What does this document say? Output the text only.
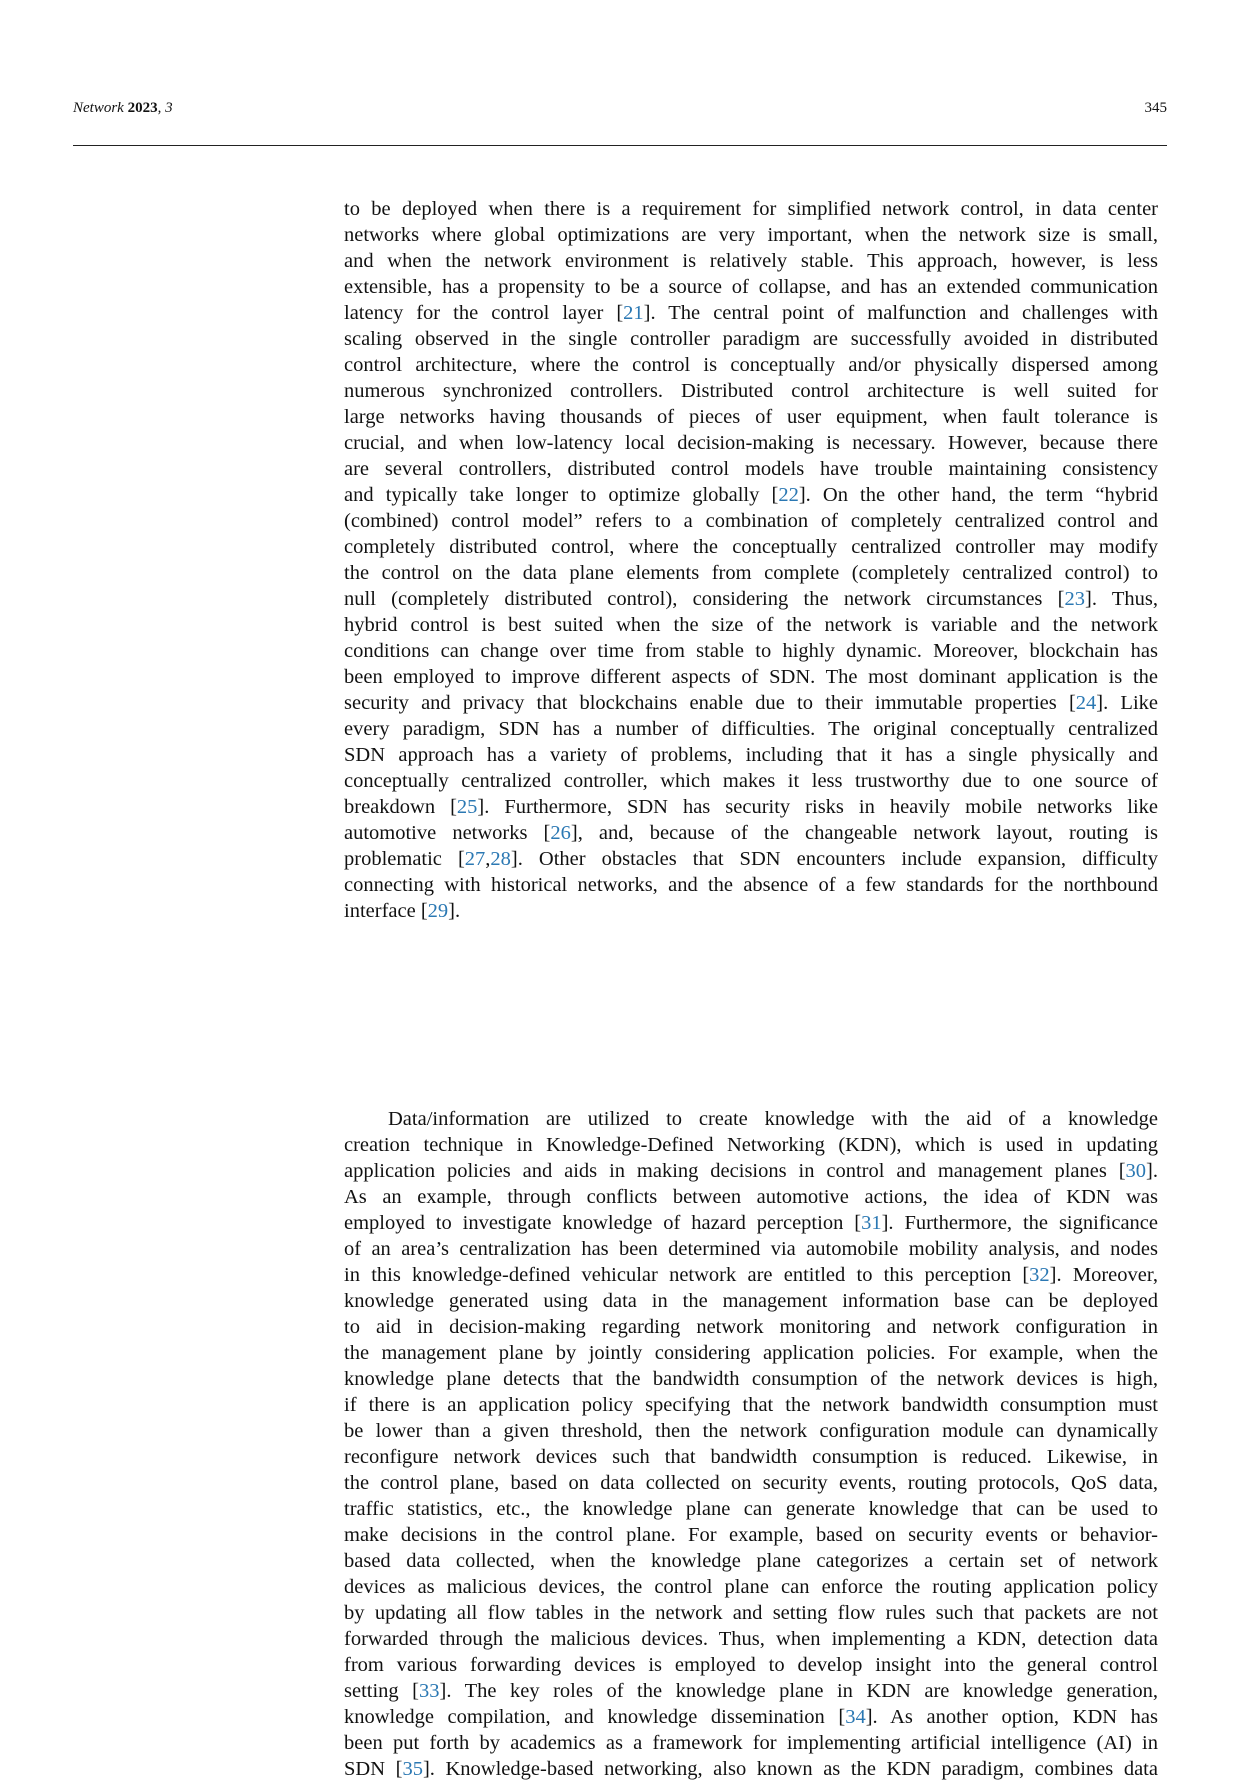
Network 2023, 3	345
to be deployed when there is a requirement for simplified network control, in data center
networks where global optimizations are very important, when the network size is small,
and when the network environment is relatively stable. This approach, however, is less
extensible, has a propensity to be a source of collapse, and has an extended communication
latency for the control layer [21]. The central point of malfunction and challenges with
scaling observed in the single controller paradigm are successfully avoided in distributed
control architecture, where the control is conceptually and/or physically dispersed among
numerous synchronized controllers. Distributed control architecture is well suited for
large networks having thousands of pieces of user equipment, when fault tolerance is
crucial, and when low-latency local decision-making is necessary. However, because there
are several controllers, distributed control models have trouble maintaining consistency
and typically take longer to optimize globally [22]. On the other hand, the term “hybrid
(combined) control model” refers to a combination of completely centralized control and
completely distributed control, where the conceptually centralized controller may modify
the control on the data plane elements from complete (completely centralized control) to
null (completely distributed control), considering the network circumstances [23]. Thus,
hybrid control is best suited when the size of the network is variable and the network
conditions can change over time from stable to highly dynamic. Moreover, blockchain has
been employed to improve different aspects of SDN. The most dominant application is the
security and privacy that blockchains enable due to their immutable properties [24]. Like
every paradigm, SDN has a number of difficulties. The original conceptually centralized
SDN approach has a variety of problems, including that it has a single physically and
conceptually centralized controller, which makes it less trustworthy due to one source of
breakdown [25]. Furthermore, SDN has security risks in heavily mobile networks like
automotive networks [26], and, because of the changeable network layout, routing is
problematic [27,28]. Other obstacles that SDN encounters include expansion, difficulty
connecting with historical networks, and the absence of a few standards for the northbound
interface [29].
Data/information are utilized to create knowledge with the aid of a knowledge
creation technique in Knowledge-Defined Networking (KDN), which is used in updating
application policies and aids in making decisions in control and management planes [30].
As an example, through conflicts between automotive actions, the idea of KDN was
employed to investigate knowledge of hazard perception [31]. Furthermore, the significance
of an area’s centralization has been determined via automobile mobility analysis, and nodes
in this knowledge-defined vehicular network are entitled to this perception [32]. Moreover,
knowledge generated using data in the management information base can be deployed
to aid in decision-making regarding network monitoring and network configuration in
the management plane by jointly considering application policies. For example, when the
knowledge plane detects that the bandwidth consumption of the network devices is high,
if there is an application policy specifying that the network bandwidth consumption must
be lower than a given threshold, then the network configuration module can dynamically
reconfigure network devices such that bandwidth consumption is reduced. Likewise, in
the control plane, based on data collected on security events, routing protocols, QoS data,
traffic statistics, etc., the knowledge plane can generate knowledge that can be used to
make decisions in the control plane. For example, based on security events or behavior-
based data collected, when the knowledge plane categorizes a certain set of network
devices as malicious devices, the control plane can enforce the routing application policy
by updating all flow tables in the network and setting flow rules such that packets are not
forwarded through the malicious devices. Thus, when implementing a KDN, detection data
from various forwarding devices is employed to develop insight into the general control
setting [33]. The key roles of the knowledge plane in KDN are knowledge generation,
knowledge compilation, and knowledge dissemination [34]. As another option, KDN has
been put forth by academics as a framework for implementing artificial intelligence (AI) in
SDN [35]. Knowledge-based networking, also known as the KDN paradigm, combines data
